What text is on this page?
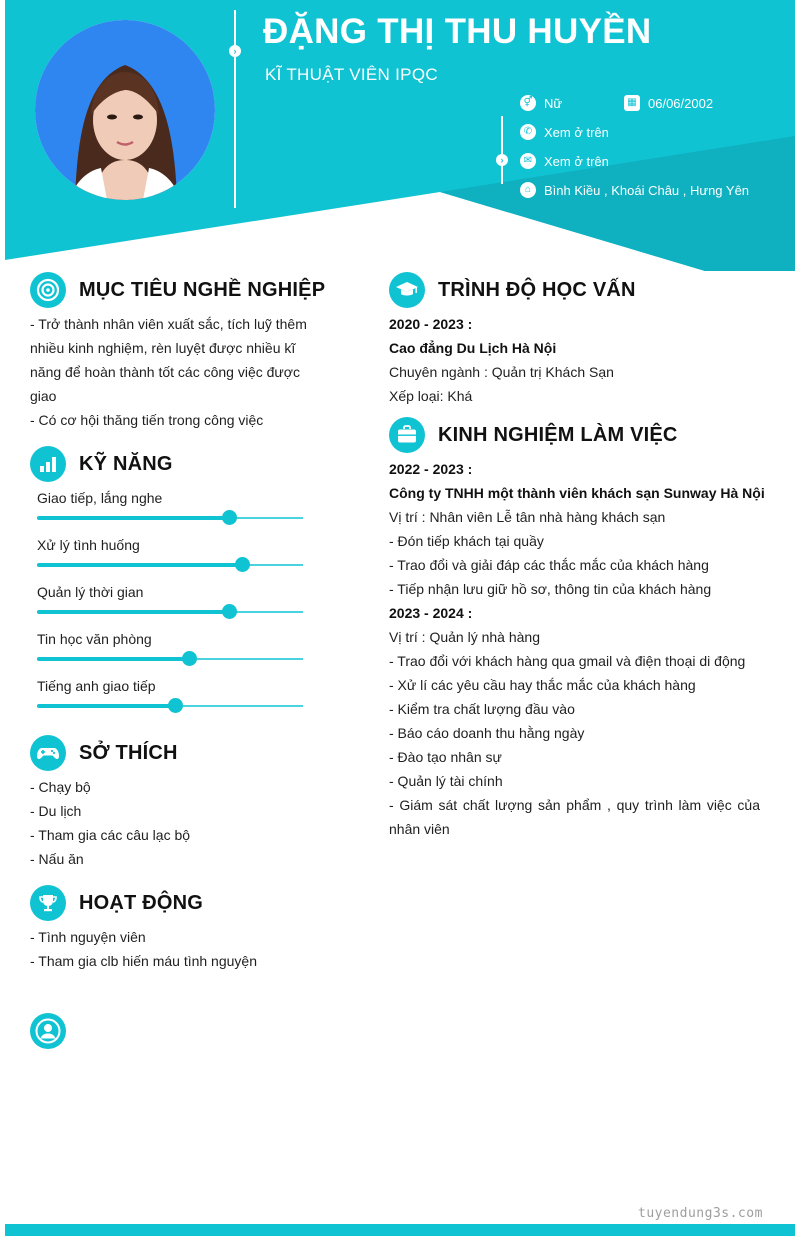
›
›
ĐẶNG THỊ THU HUYỀN
KĨ THUẬT VIÊN IPQC
⚥ Nữ	▦ 06/06/2002
✆ Xem ở trên
✉ Xem ở trên
⌂ Bình Kiều , Khoái Châu , Hưng Yên
MỤC TIÊU NGHỀ NGHIỆP
- Trở thành nhân viên xuất sắc, tích luỹ thêm
nhiều kinh nghiệm, rèn luyệt được nhiều kĩ
năng để hoàn thành tốt các công việc được
giao
- Có cơ hội thăng tiến trong công việc
KỸ NĂNG
Giao tiếp, lắng nghe
Xử lý tình huống
Quản lý thời gian
Tin học văn phòng
Tiếng anh giao tiếp
SỞ THÍCH
- Chạy bộ
- Du lịch
- Tham gia các câu lạc bộ
- Nấu ăn
HOẠT ĐỘNG
- Tình nguyện viên
- Tham gia clb hiến máu tình nguyện
TRÌNH ĐỘ HỌC VẤN
2020 - 2023 :
Cao đẳng Du Lịch Hà Nội
Chuyên ngành : Quản trị Khách Sạn
Xếp loại: Khá
KINH NGHIỆM LÀM VIỆC
2022 - 2023 :
Công ty TNHH một thành viên khách sạn Sunway Hà Nội
Vị trí : Nhân viên Lễ tân nhà hàng khách sạn
- Đón tiếp khách tại quầy
- Trao đổi và giải đáp các thắc mắc của khách hàng
- Tiếp nhận lưu giữ hồ sơ, thông tin của khách hàng
2023 - 2024 :
Vị trí : Quản lý nhà hàng
- Trao đổi với khách hàng qua gmail và điện thoại di động
- Xử lí các yêu cầu hay thắc mắc của khách hàng
- Kiểm tra chất lượng đầu vào
- Báo cáo doanh thu hằng ngày
- Đào tạo nhân sự
- Quản lý tài chính
- Giám sát chất lượng sản phẩm , quy trình làm việc của nhân viên
tuyendung3s.com
